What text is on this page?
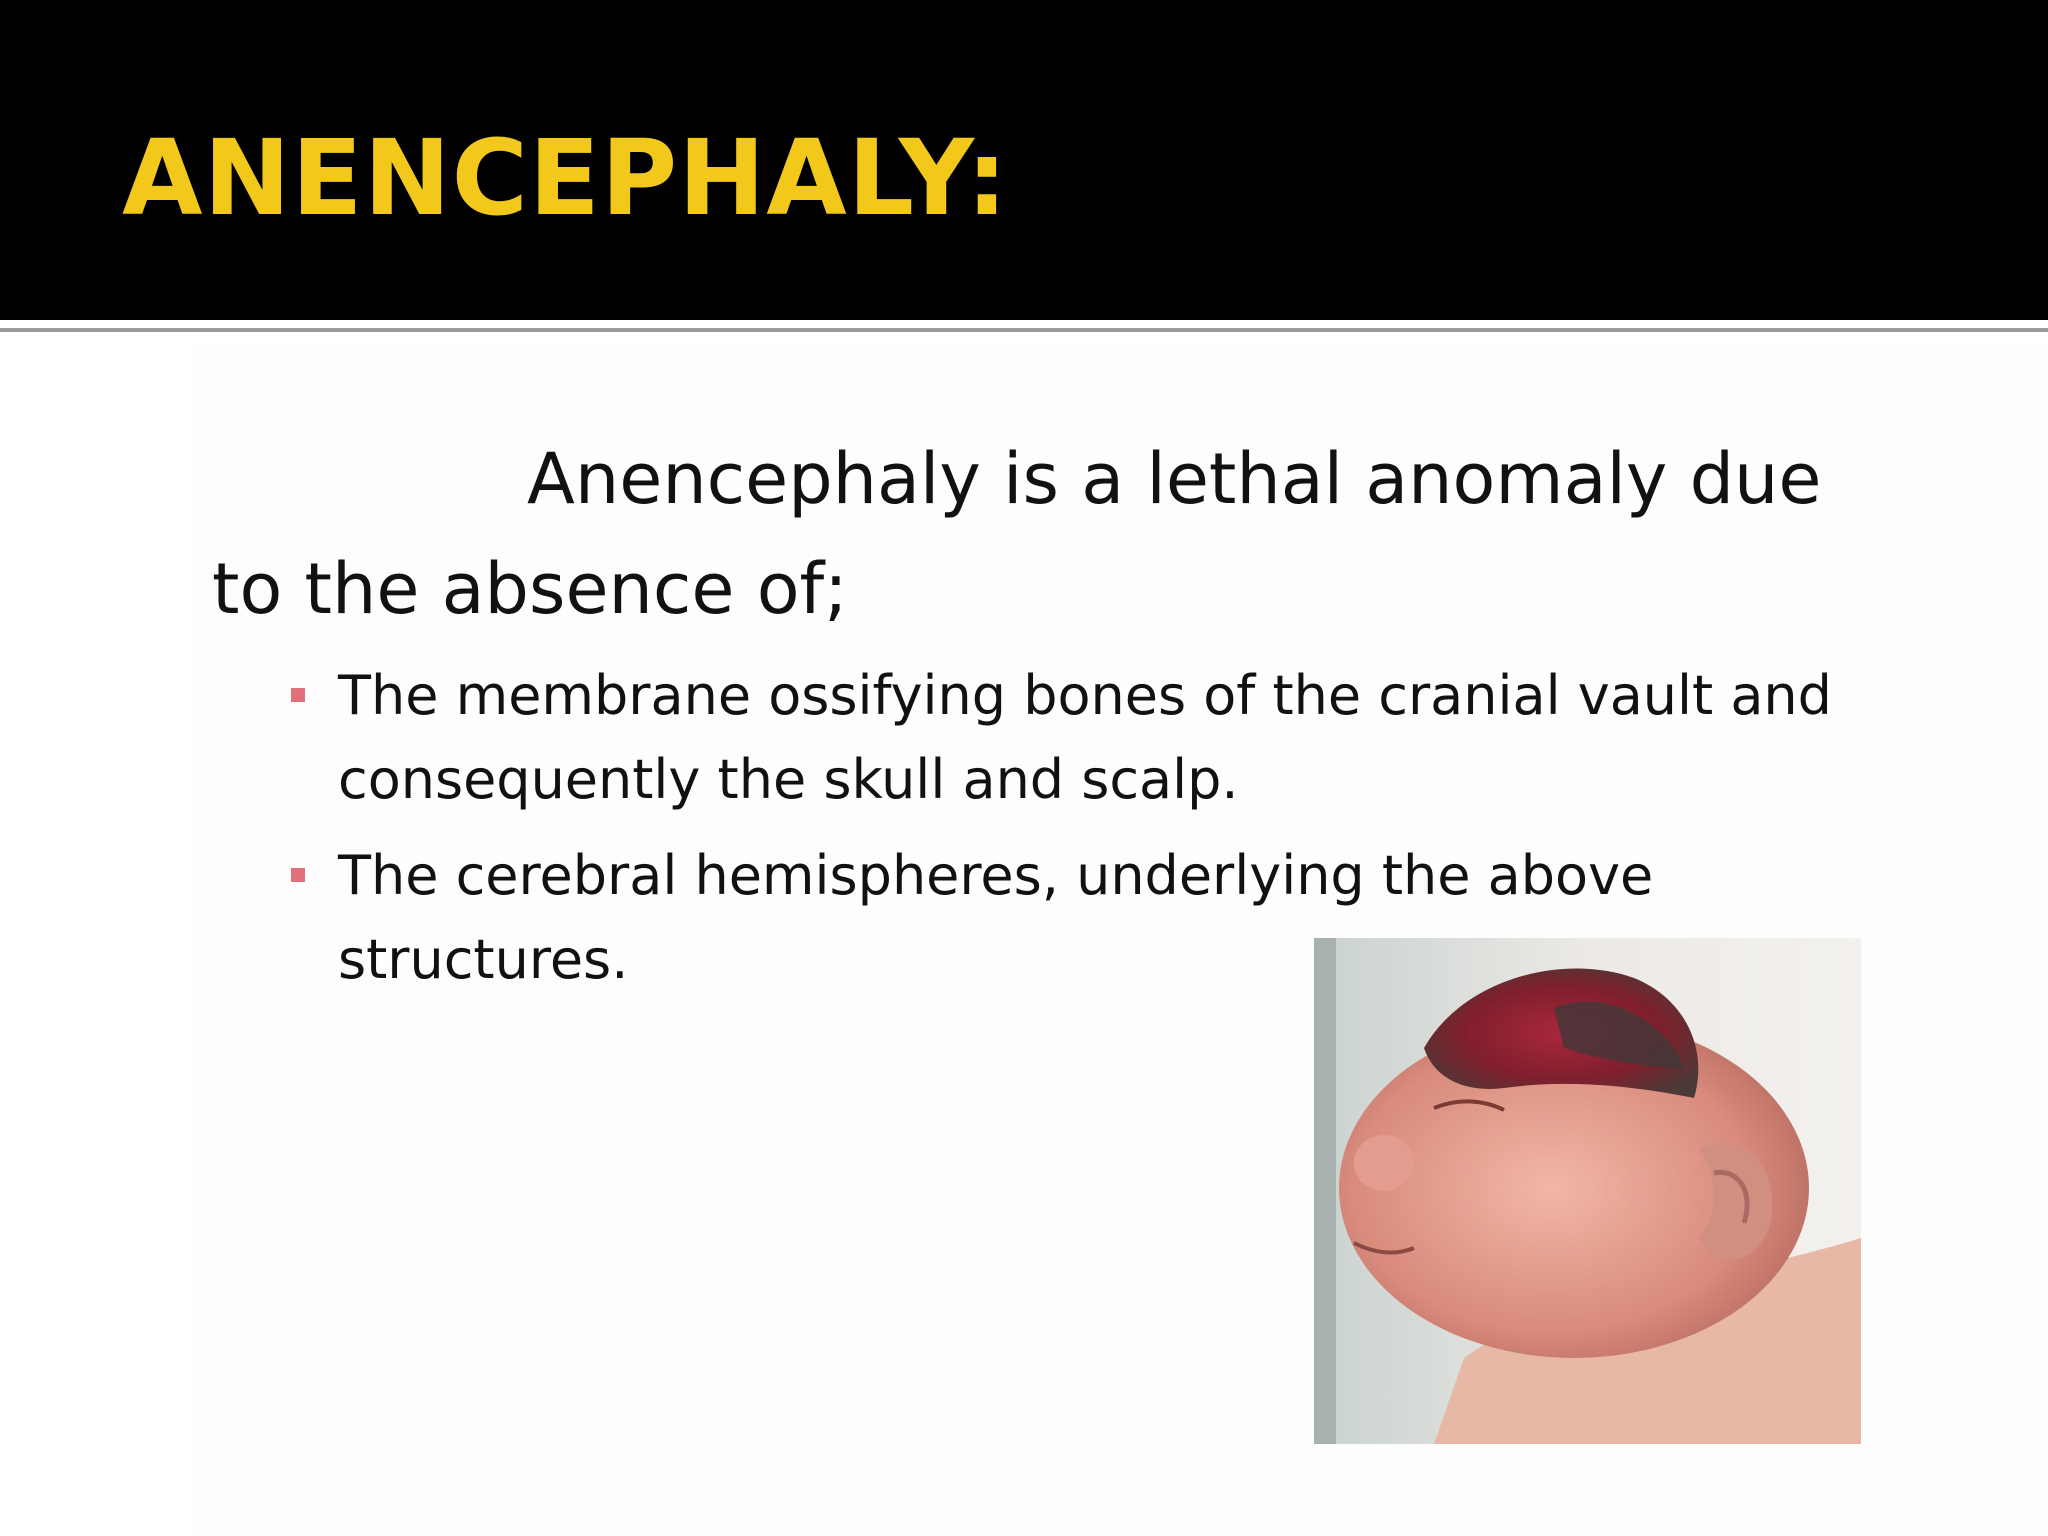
ANENCEPHALY:

Anencephaly is a lethal anomaly due to the absence of;

The membrane ossifying bones of the cranial vault and consequently the skull and scalp.
The cerebral hemispheres, underlying the above structures.
